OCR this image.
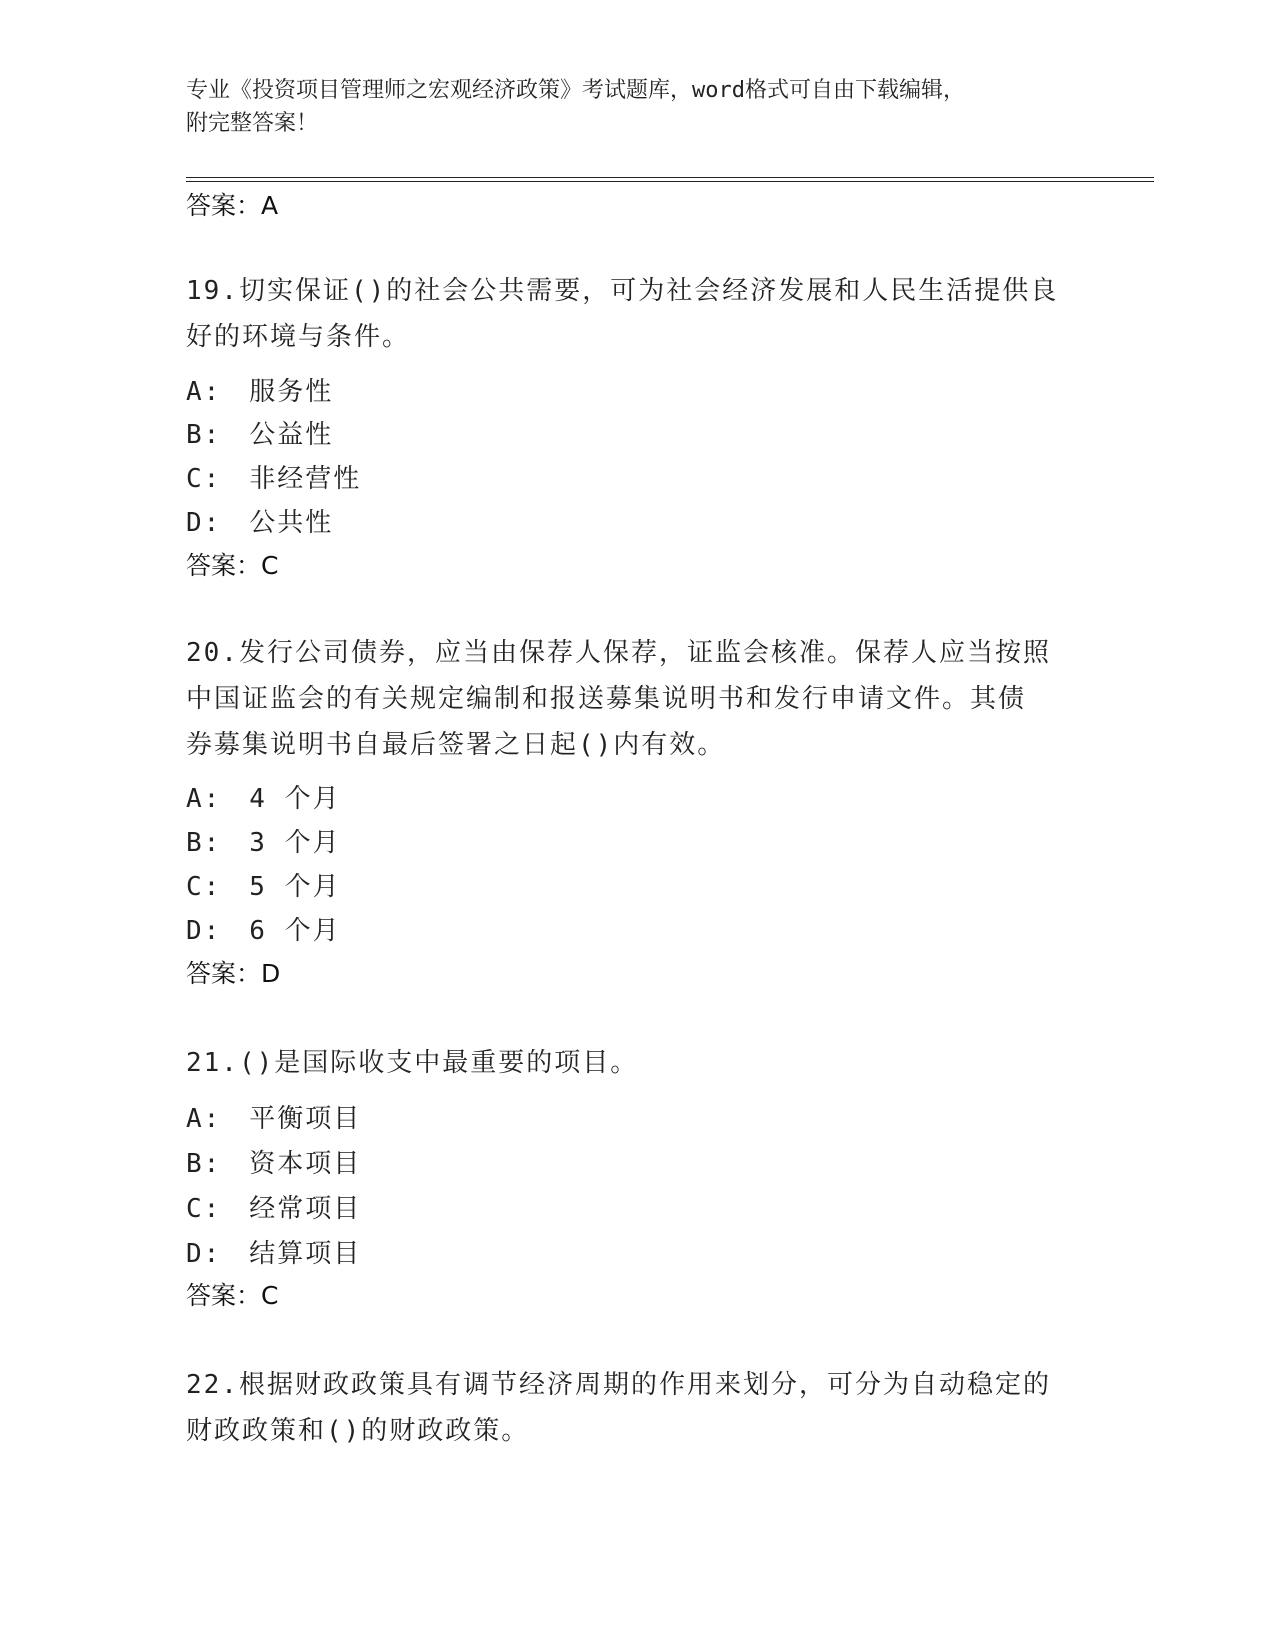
专业《投资项目管理师之宏观经济政策》考试题库，word格式可自由下载编辑，
附完整答案！
答案：A
19.切实保证()的社会公共需要，可为社会经济发展和人民生活提供良
好的环境与条件。
A:　服务性
B:　公益性
C:　非经营性
D:　公共性
答案：C
20.发行公司债券，应当由保荐人保荐，证监会核准。保荐人应当按照
中国证监会的有关规定编制和报送募集说明书和发行申请文件。其债
券募集说明书自最后签署之日起()内有效。
A:　4 个月
B:　3 个月
C:　5 个月
D:　6 个月
答案：D
21.()是国际收支中最重要的项目。
A:　平衡项目
B:　资本项目
C:　经常项目
D:　结算项目
答案：C
22.根据财政政策具有调节经济周期的作用来划分，可分为自动稳定的
财政政策和()的财政政策。
